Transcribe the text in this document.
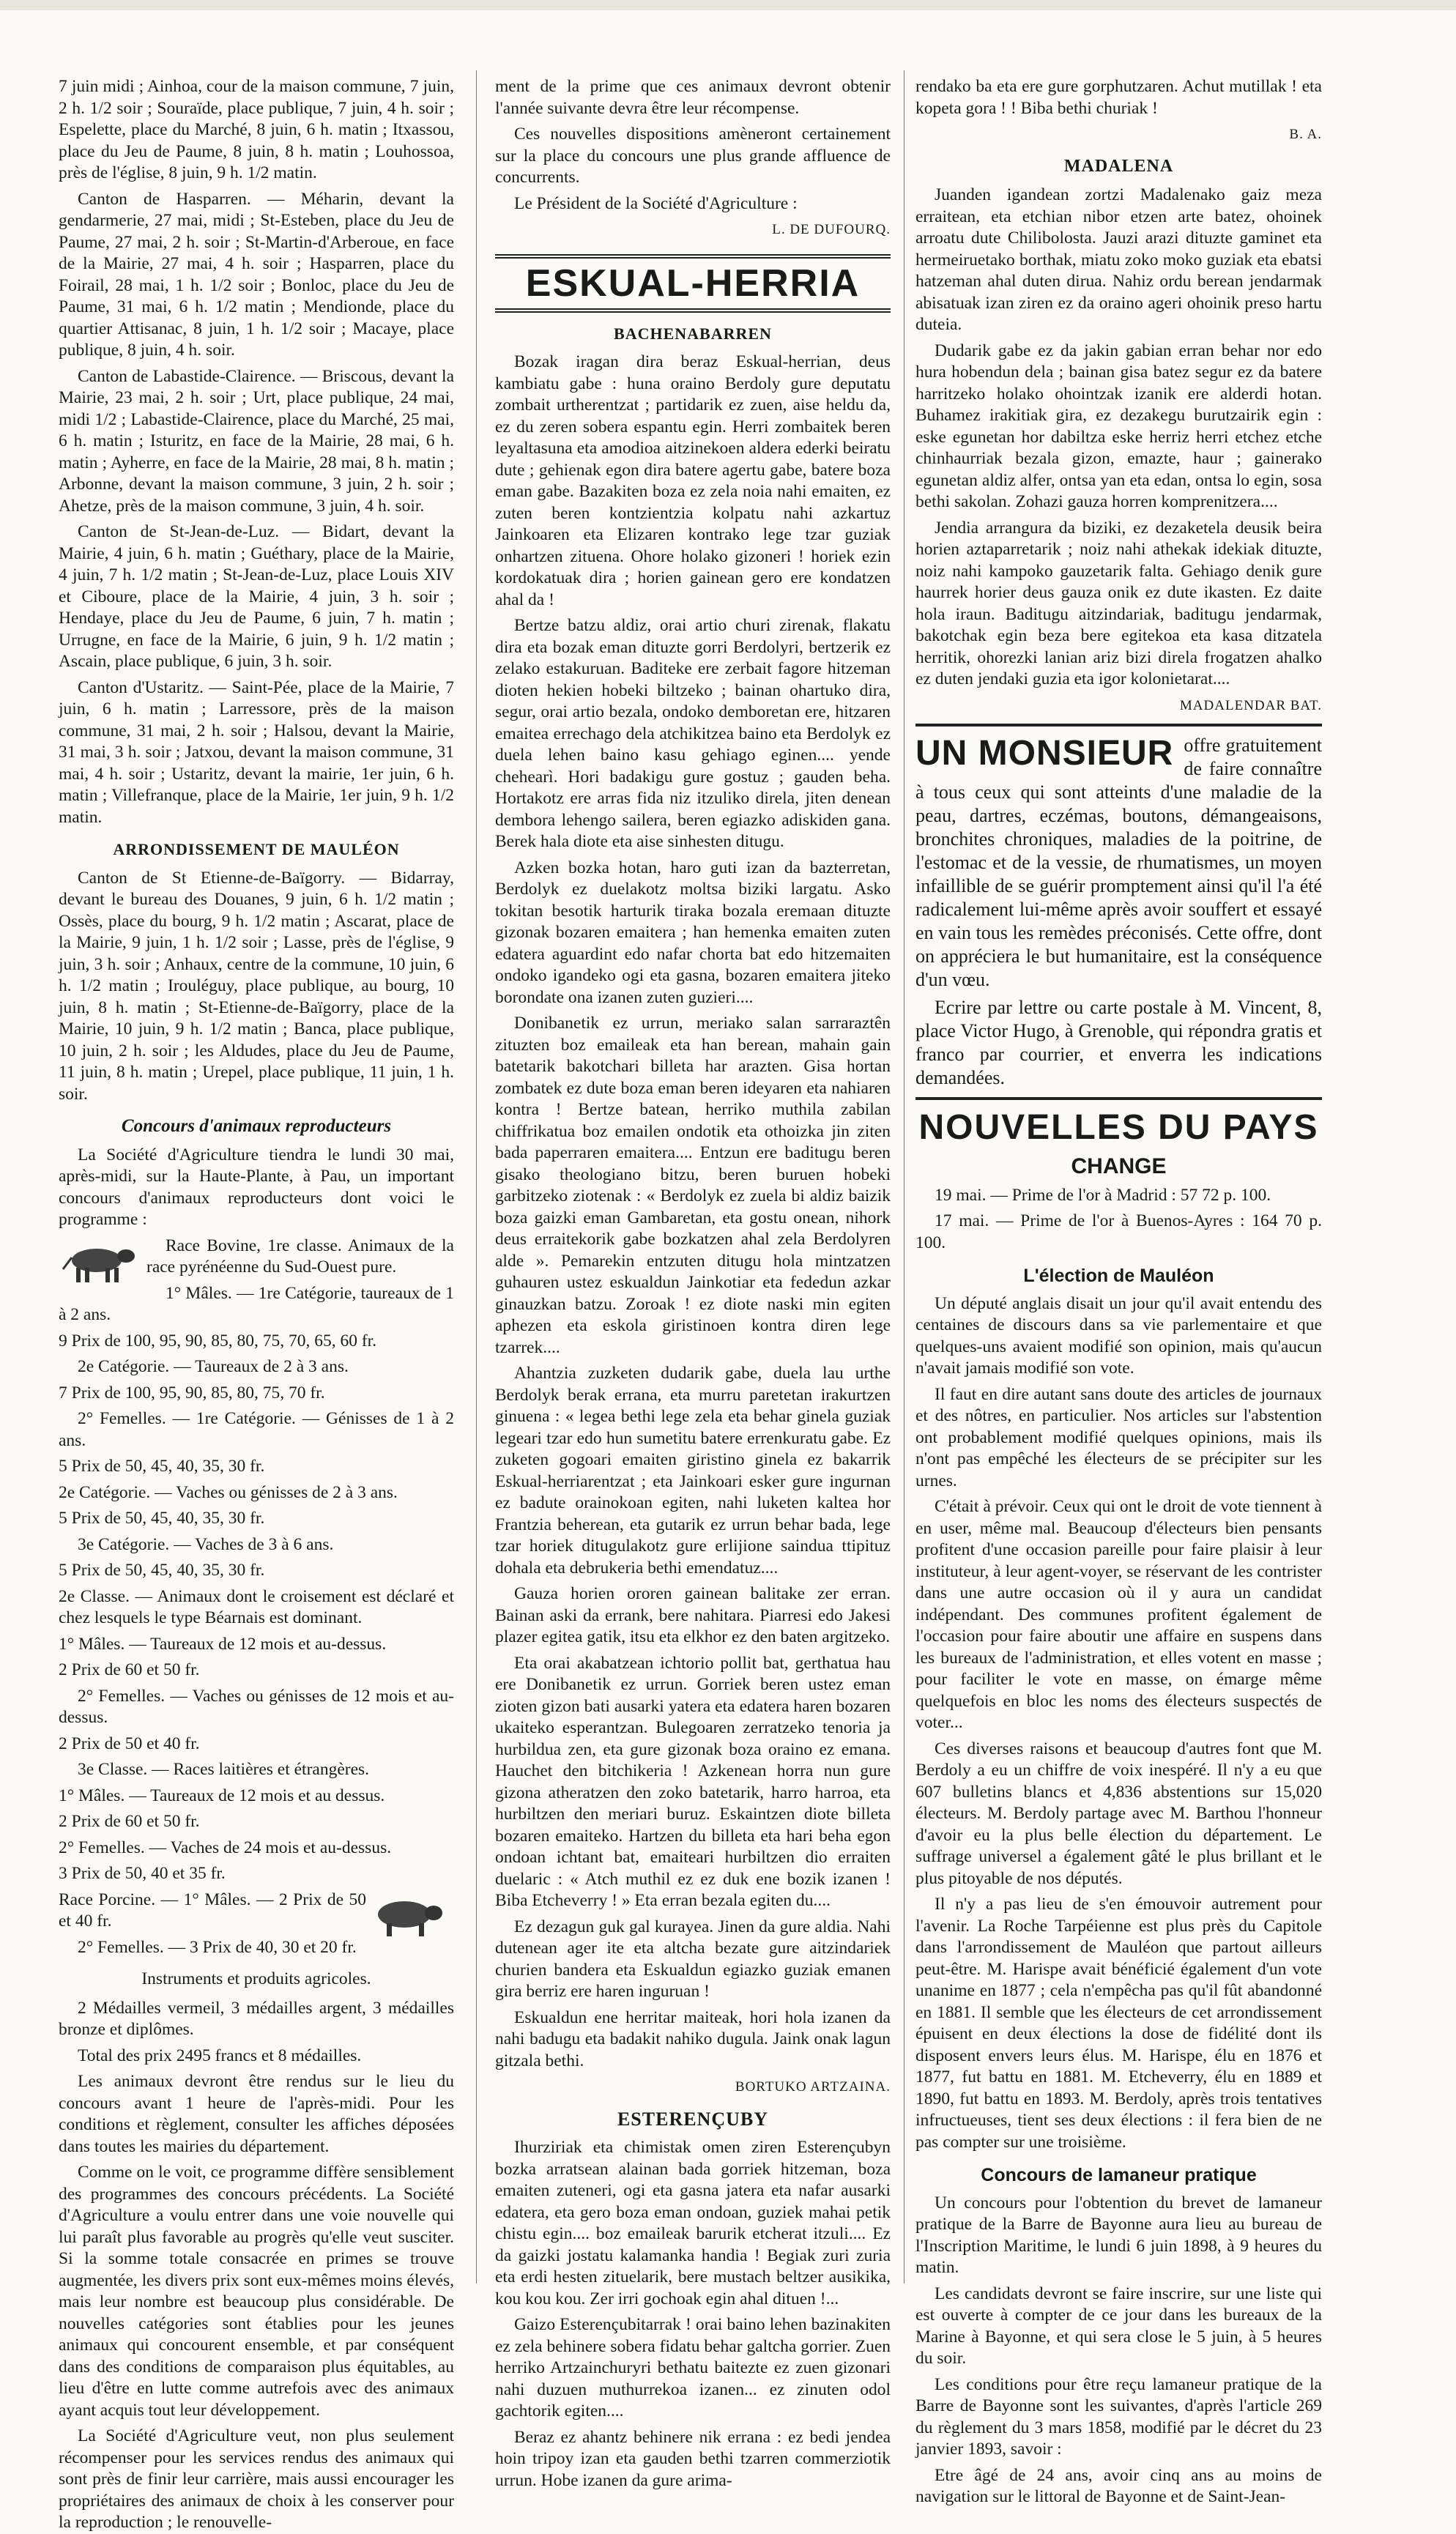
7 juin midi ; Ainhoa, cour de la maison commune, 7 juin, 2 h. 1/2 soir ; Souraïde, place publique, 7 juin, 4 h. soir ; Espelette, place du Marché, 8 juin, 6 h. matin ; Itxassou, place du Jeu de Paume, 8 juin, 8 h. matin ; Louhossoa, près de l'église, 8 juin, 9 h. 1/2 matin.

Canton de Hasparren. — Méharin, devant la gendarmerie, 27 mai, midi ; St-Esteben, place du Jeu de Paume, 27 mai, 2 h. soir ; St-Martin-d'Arberoue, en face de la Mairie, 27 mai, 4 h. soir ; Hasparren, place du Foirail, 28 mai, 1 h. 1/2 soir ; Bonloc, place du Jeu de Paume, 31 mai, 6 h. 1/2 matin ; Mendionde, place du quartier Attisanac, 8 juin, 1 h. 1/2 soir ; Macaye, place publique, 8 juin, 4 h. soir.

Canton de Labastide-Clairence. — Briscous, devant la Mairie, 23 mai, 2 h. soir ; Urt, place publique, 24 mai, midi 1/2 ; Labastide-Clairence, place du Marché, 25 mai, 6 h. matin ; Isturitz, en face de la Mairie, 28 mai, 6 h. matin ; Ayherre, en face de la Mairie, 28 mai, 8 h. matin ; Arbonne, devant la maison commune, 3 juin, 2 h. soir ; Ahetze, près de la maison commune, 3 juin, 4 h. soir.

Canton de St-Jean-de-Luz. — Bidart, devant la Mairie, 4 juin, 6 h. matin ; Guéthary, place de la Mairie, 4 juin, 7 h. 1/2 matin ; St-Jean-de-Luz, place Louis XIV et Ciboure, place de la Mairie, 4 juin, 3 h. soir ; Hendaye, place du Jeu de Paume, 6 juin, 7 h. matin ; Urrugne, en face de la Mairie, 6 juin, 9 h. 1/2 matin ; Ascain, place publique, 6 juin, 3 h. soir.

Canton d'Ustaritz. — Saint-Pée, place de la Mairie, 7 juin, 6 h. matin ; Larressore, près de la maison commune, 31 mai, 2 h. soir ; Halsou, devant la Mairie, 31 mai, 3 h. soir ; Jatxou, devant la maison commune, 31 mai, 4 h. soir ; Ustaritz, devant la mairie, 1er juin, 6 h. matin ; Villefranque, place de la Mairie, 1er juin, 9 h. 1/2 matin.

ARRONDISSEMENT DE MAULÉON

Canton de St Etienne-de-Baïgorry. — Bidarray, devant le bureau des Douanes, 9 juin, 6 h. 1/2 matin ; Ossès, place du bourg, 9 h. 1/2 matin ; Ascarat, place de la Mairie, 9 juin, 1 h. 1/2 soir ; Lasse, près de l'église, 9 juin, 3 h. soir ; Anhaux, centre de la commune, 10 juin, 6 h. 1/2 matin ; Irouléguy, place publique, au bourg, 10 juin, 8 h. matin ; St-Etienne-de-Baïgorry, place de la Mairie, 10 juin, 9 h. 1/2 matin ; Banca, place publique, 10 juin, 2 h. soir ; les Aldudes, place du Jeu de Paume, 11 juin, 8 h. matin ; Urepel, place publique, 11 juin, 1 h. soir.

Concours d'animaux reproducteurs

La Société d'Agriculture tiendra le lundi 30 mai, après-midi, sur la Haute-Plante, à Pau, un important concours d'animaux reproducteurs dont voici le programme :

Race Bovine, 1re classe. Animaux de la race pyrénéenne du Sud-Ouest pure.

1° Mâles. — 1re Catégorie, taureaux de 1 à 2 ans.

9 Prix de 100, 95, 90, 85, 80, 75, 70, 65, 60 fr.

2e Catégorie. — Taureaux de 2 à 3 ans.

7 Prix de 100, 95, 90, 85, 80, 75, 70 fr.

2° Femelles. — 1re Catégorie. — Génisses de 1 à 2 ans.

5 Prix de 50, 45, 40, 35, 30 fr.

2e Catégorie. — Vaches ou génisses de 2 à 3 ans.

5 Prix de 50, 45, 40, 35, 30 fr.

3e Catégorie. — Vaches de 3 à 6 ans.

5 Prix de 50, 45, 40, 35, 30 fr.

2e Classe. — Animaux dont le croisement est déclaré et chez lesquels le type Béarnais est dominant.

1° Mâles. — Taureaux de 12 mois et au-dessus.

2 Prix de 60 et 50 fr.

2° Femelles. — Vaches ou génisses de 12 mois et au-dessus.

2 Prix de 50 et 40 fr.

3e Classe. — Races laitières et étrangères.

1° Mâles. — Taureaux de 12 mois et au dessus.

2 Prix de 60 et 50 fr.

2° Femelles. — Vaches de 24 mois et au-dessus.

3 Prix de 50, 40 et 35 fr.

Race Porcine. — 1° Mâles. — 2 Prix de 50 et 40 fr.

2° Femelles. — 3 Prix de 40, 30 et 20 fr.

Instruments et produits agricoles.

2 Médailles vermeil, 3 médailles argent, 3 médailles bronze et diplômes.

Total des prix 2495 francs et 8 médailles.

Les animaux devront être rendus sur le lieu du concours avant 1 heure de l'après-midi. Pour les conditions et règlement, consulter les affiches déposées dans toutes les mairies du département.

Comme on le voit, ce programme diffère sensiblement des programmes des concours précédents. La Société d'Agriculture a voulu entrer dans une voie nouvelle qui lui paraît plus favorable au progrès qu'elle veut susciter. Si la somme totale consacrée en primes se trouve augmentée, les divers prix sont eux-mêmes moins élevés, mais leur nombre est beaucoup plus considérable. De nouvelles catégories sont établies pour les jeunes animaux qui concourent ensemble, et par conséquent dans des conditions de comparaison plus équitables, au lieu d'être en lutte comme autrefois avec des animaux ayant acquis tout leur développement.

La Société d'Agriculture veut, non plus seulement récompenser pour les services rendus des animaux qui sont près de finir leur carrière, mais aussi encourager les propriétaires des animaux de choix à les conserver pour la reproduction ; le renouvelle-

ment de la prime que ces animaux devront obtenir l'année suivante devra être leur récompense.

Ces nouvelles dispositions amèneront certainement sur la place du concours une plus grande affluence de concurrents.

Le Président de la Société d'Agriculture :

L. DE DUFOURQ.

ESKUAL-HERRIA

BACHENABARREN

Bozak iragan dira beraz Eskual-herrian, deus kambiatu gabe : huna oraino Berdoly gure deputatu zombait urtherentzat ; partidarik ez zuen, aise heldu da, ez du zeren sobera espantu egin. Herri zombaitek beren leyaltasuna eta amodioa aitzinekoen aldera ederki beiratu dute ; gehienak egon dira batere agertu gabe, batere boza eman gabe. Bazakiten boza ez zela noia nahi emaiten, ez zuten beren kontzientzia kolpatu nahi azkartuz Jainkoaren eta Elizaren kontrako lege tzar guziak onhartzen zituena. Ohore holako gizoneri ! horiek ezin kordokatuak dira ; horien gainean gero ere kondatzen ahal da !

Bertze batzu aldiz, orai artio churi zirenak, flakatu dira eta bozak eman dituzte gorri Berdolyri, bertzerik ez zelako estakuruan. Baditeke ere zerbait fagore hitzeman dioten hekien hobeki biltzeko ; bainan ohartuko dira, segur, orai artio bezala, ondoko demboretan ere, hitzaren emaitea errechago dela atchikitzea baino eta Berdolyk ez duela lehen baino kasu gehiago eginen.... yende chehearì. Hori badakigu gure gostuz ; gauden beha. Hortakotz ere arras fida niz itzuliko direla, jiten denean dembora lehengo sailera, beren egiazko adiskiden gana. Berek hala diote eta aise sinhesten ditugu.

Azken bozka hotan, haro guti izan da bazterretan, Berdolyk ez duelakotz moltsa biziki largatu. Asko tokitan besotik harturik tiraka bozala eremaan dituzte gizonak bozaren emaitera ; han hemenka emaiten zuten edatera aguardint edo nafar chorta bat edo hitzemaiten ondoko igandeko ogi eta gasna, bozaren emaitera jiteko borondate ona izanen zuten guzieri....

Donibanetik ez urrun, meriako salan sarraraztên zituzten boz emaileak eta han berean, mahain gain batetarik bakotchari billeta har arazten. Gisa hortan zombatek ez dute boza eman beren ideyaren eta nahiaren kontra ! Bertze batean, herriko muthila zabilan chiffrikatua boz emailen ondotik eta othoizka jin ziten bada paperraren emaitera.... Entzun ere baditugu beren gisako theologiano bitzu, beren buruen hobeki garbitzeko ziotenak : « Berdolyk ez zuela bi aldiz baizik boza gaizki eman Gambaretan, eta gostu onean, nihork deus erraitekorik gabe bozkatzen ahal zela Berdolyren alde ». Pemarekin entzuten ditugu hola mintzatzen guhauren ustez eskualdun Jainkotiar eta fededun azkar ginauzkan batzu. Zoroak ! ez diote naski min egiten aphezen eta eskola giristinoen kontra diren lege tzarrek....

Ahantzia zuzketen dudarik gabe, duela lau urthe Berdolyk berak errana, eta murru paretetan irakurtzen ginuena : « legea bethi lege zela eta behar ginela guziak legeari tzar edo hun sumetitu batere errenkuratu gabe. Ez zuketen gogoari emaiten giristino ginela ez bakarrik Eskual-herriarentzat ; eta Jainkoari esker gure ingurnan ez badute orainokoan egiten, nahi luketen kaltea hor Frantzia beherean, eta gutarik ez urrun behar bada, lege tzar horiek ditugulakotz gure erlijione saindua ttipituz dohala eta debrukeria bethi emendatuz....

Gauza horien ororen gainean balitake zer erran. Bainan aski da errank, bere nahitara. Piarresi edo Jakesi plazer egitea gatik, itsu eta elkhor ez den baten argitzeko.

Eta orai akabatzean ichtorio pollit bat, gerthatua hau ere Donibanetik ez urrun. Gorriek beren ustez eman zioten gizon bati ausarki yatera eta edatera haren bozaren ukaiteko esperantzan. Bulegoaren zerratzeko tenoria ja hurbildua zen, eta gure gizonak boza oraino ez emana. Hauchet den bitchikeria ! Azkenean horra nun gure gizona atheratzen den zoko batetarik, harro harroa, eta hurbiltzen den meriari buruz. Eskaintzen diote billeta bozaren emaiteko. Hartzen du billeta eta hari beha egon ondoan ichtant bat, emaiteari hurbiltzen dio erraiten duelaric : « Atch muthil ez ez duk ene bozik izanen ! Biba Etcheverry ! » Eta erran bezala egiten du....

Ez dezagun guk gal kurayea. Jinen da gure aldia. Nahi dutenean ager ite eta altcha bezate gure aitzindariek churien bandera eta Eskualdun egiazko guziak emanen gira berriz ere haren inguruan !

Eskualdun ene herritar maiteak, hori hola izanen da nahi badugu eta badakit nahiko dugula. Jaink onak lagun gitzala bethi.

BORTUKO ARTZAINA.

ESTERENÇUBY

Ihurziriak eta chimistak omen ziren Esterençubyn bozka arratsean alainan bada gorriek hitzeman, boza emaiten zuteneri, ogi eta gasna jatera eta nafar ausarki edatera, eta gero boza eman ondoan, guziek mahai petik chistu egin.... boz emaileak barurik etcherat itzuli.... Ez da gaizki jostatu kalamanka handia ! Begiak zuri zuria eta erdi hesten zituelarik, bere mustach beltzer ausikika, kou kou kou. Zer irri gochoak egin ahal dituen !...

Gaizo Esterençubitarrak ! orai baino lehen bazinakiten ez zela behinere sobera fidatu behar galtcha gorrier. Zuen herriko Artzainchuryri bethatu baitezte ez zuen gizonari nahi duzuen muthurrekoa izanen... ez zinuten odol gachtorik egiten....

Beraz ez ahantz behinere nik errana : ez bedi jendea hoin tripoy izan eta gauden bethi tzarren commerziotik urrun. Hobe izanen da gure arima-

rendako ba eta ere gure gorphutzaren. Achut mutillak ! eta kopeta gora ! ! Biba bethi churiak !

B. A.

MADALENA

Juanden igandean zortzi Madalenako gaiz meza erraitean, eta etchian nibor etzen arte batez, ohoinek arroatu dute Chilibolosta. Jauzi arazi dituzte gaminet eta hermeiruetako borthak, miatu zoko moko guziak eta ebatsi hatzeman ahal duten dirua. Nahiz ordu berean jendarmak abisatuak izan ziren ez da oraino ageri ohoinik preso hartu duteia.

Dudarik gabe ez da jakin gabian erran behar nor edo hura hobendun dela ; bainan gisa batez segur ez da batere harritzeko holako ohointzak izanik ere alderdi hotan. Buhamez irakitiak gira, ez dezakegu burutzairik egin : eske egunetan hor dabiltza eske herriz herri etchez etche chinhaurriak bezala gizon, emazte, haur ; gainerako egunetan aldiz alfer, ontsa yan eta edan, ontsa lo egin, sosa bethi sakolan. Zohazi gauza horren komprenitzera....

Jendia arrangura da biziki, ez dezaketela deusik beira horien aztaparretarik ; noiz nahi athekak idekiak dituzte, noiz nahi kampoko gauzetarik falta. Gehiago denik gure haurrek horier deus gauza onik ez dute ikasten. Ez daite hola iraun. Baditugu aitzindariak, baditugu jendarmak, bakotchak egin beza bere egitekoa eta kasa ditzatela herritik, ohorezki lanian ariz bizi direla frogatzen ahalko ez duten jendaki guzia eta igor kolonietarat....

MADALENDAR BAT.

UN MONSIEUR offre gratuitement de faire connaître à tous ceux qui sont atteints d'une maladie de la peau, dartres, eczémas, boutons, démangeaisons, bronchites chroniques, maladies de la poitrine, de l'estomac et de la vessie, de rhumatismes, un moyen infaillible de se guérir promptement ainsi qu'il l'a été radicalement lui-même après avoir souffert et essayé en vain tous les remèdes préconisés. Cette offre, dont on appréciera le but humanitaire, est la conséquence d'un vœu.

Ecrire par lettre ou carte postale à M. Vincent, 8, place Victor Hugo, à Grenoble, qui répondra gratis et franco par courrier, et enverra les indications demandées.

NOUVELLES DU PAYS
CHANGE

19 mai. — Prime de l'or à Madrid : 57 72 p. 100.

17 mai. — Prime de l'or à Buenos-Ayres : 164 70 p. 100.

L'élection de Mauléon

Un député anglais disait un jour qu'il avait entendu des centaines de discours dans sa vie parlementaire et que quelques-uns avaient modifié son opinion, mais qu'aucun n'avait jamais modifié son vote.

Il faut en dire autant sans doute des articles de journaux et des nôtres, en particulier. Nos articles sur l'abstention ont probablement modifié quelques opinions, mais ils n'ont pas empêché les électeurs de se précipiter sur les urnes.

C'était à prévoir. Ceux qui ont le droit de vote tiennent à en user, même mal. Beaucoup d'électeurs bien pensants profitent d'une occasion pareille pour faire plaisir à leur instituteur, à leur agent-voyer, se réservant de les contrister dans une autre occasion où il y aura un candidat indépendant. Des communes profitent également de l'occasion pour faire aboutir une affaire en suspens dans les bureaux de l'administration, et elles votent en masse ; pour faciliter le vote en masse, on émarge même quelquefois en bloc les noms des électeurs suspectés de voter...

Ces diverses raisons et beaucoup d'autres font que M. Berdoly a eu un chiffre de voix inespéré. Il n'y a eu que 607 bulletins blancs et 4,836 abstentions sur 15,020 électeurs. M. Berdoly partage avec M. Barthou l'honneur d'avoir eu la plus belle élection du département. Le suffrage universel a également gâté le plus brillant et le plus pitoyable de nos députés.

Il n'y a pas lieu de s'en émouvoir autrement pour l'avenir. La Roche Tarpéienne est plus près du Capitole dans l'arrondissement de Mauléon que partout ailleurs peut-être. M. Harispe avait bénéficié également d'un vote unanime en 1877 ; cela n'empêcha pas qu'il fût abandonné en 1881. Il semble que les électeurs de cet arrondissement épuisent en deux élections la dose de fidélité dont ils disposent envers leurs élus. M. Harispe, élu en 1876 et 1877, fut battu en 1881. M. Etcheverry, élu en 1889 et 1890, fut battu en 1893. M. Berdoly, après trois tentatives infructueuses, tient ses deux élections : il fera bien de ne pas compter sur une troisième.

Concours de lamaneur pratique

Un concours pour l'obtention du brevet de lamaneur pratique de la Barre de Bayonne aura lieu au bureau de l'Inscription Maritime, le lundi 6 juin 1898, à 9 heures du matin.

Les candidats devront se faire inscrire, sur une liste qui est ouverte à compter de ce jour dans les bureaux de la Marine à Bayonne, et qui sera close le 5 juin, à 5 heures du soir.

Les conditions pour être reçu lamaneur pratique de la Barre de Bayonne sont les suivantes, d'après l'article 269 du règlement du 3 mars 1858, modifié par le décret du 23 janvier 1893, savoir :

Etre âgé de 24 ans, avoir cinq ans au moins de navigation sur le littoral de Bayonne et de Saint-Jean-
